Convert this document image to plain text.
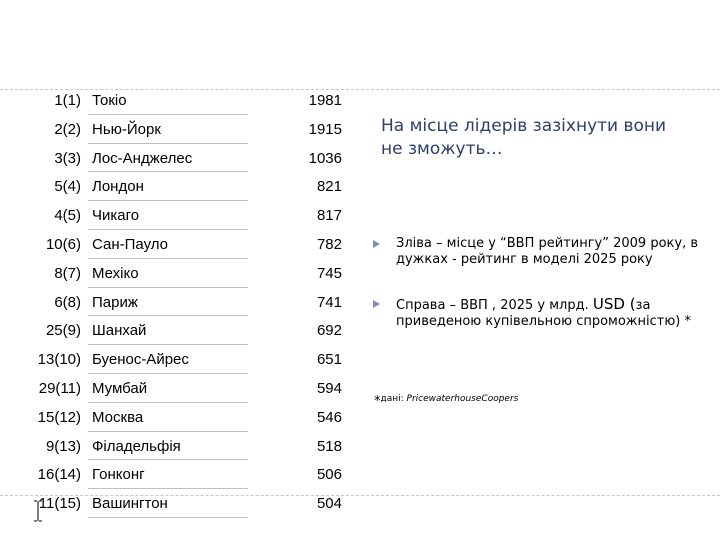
1(1) Токіо	1981
2(2) Нью-Йорк	1915
3(3) Лос-Анджелес	1036
5(4) Лондон	821
4(5) Чикаго	817
10(6) Сан-Пауло	782
8(7) Мехіко	745
6(8) Париж	741
25(9) Шанхай	692
13(10) Буенос-Айрес	651
29(11) Мумбай	594
15(12) Москва	546
9(13) Філадельфія	518
16(14) Гонконг	506
11(15) Вашингтон	504
На місце лідерів зазіхнути вони не зможуть…
Зліва – місце у “ВВП рейтингу” 2009 року, в дужках - рейтинг в моделі 2025 року
Справа – ВВП , 2025 у млрд. USD (за приведеною купівельною спроможністю) *
*дані: PricewaterhouseCoopers
